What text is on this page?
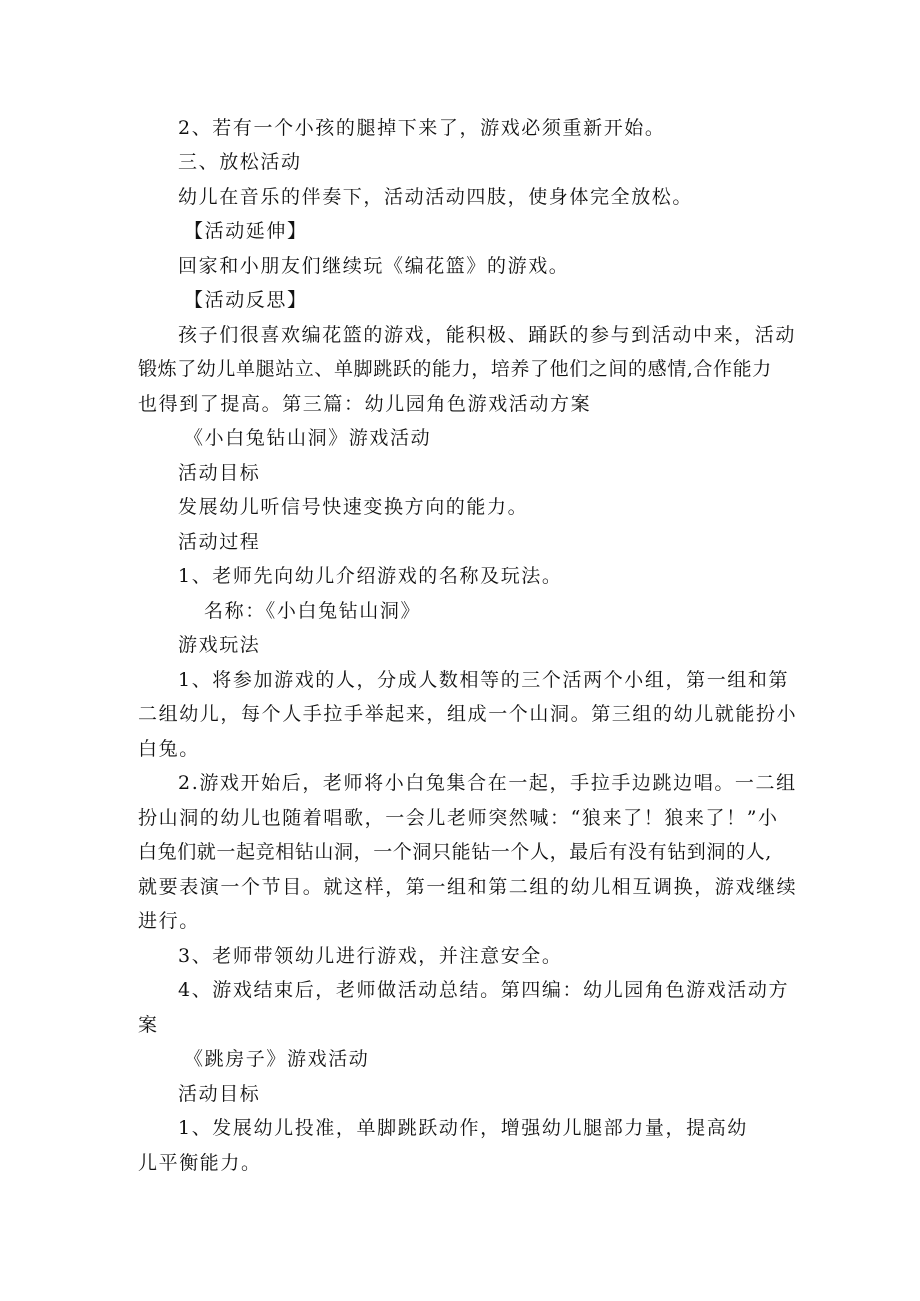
2、若有一个小孩的腿掉下来了，游戏必须重新开始。
三、放松活动
幼儿在音乐的伴奏下，活动活动四肢，使身体完全放松。
【活动延伸】
回家和小朋友们继续玩《编花篮》的游戏。
【活动反思】
孩子们很喜欢编花篮的游戏，能积极、踊跃的参与到活动中来，活动
锻炼了幼儿单腿站立、单脚跳跃的能力，培养了他们之间的感情,合作能力
也得到了提高。第三篇：幼儿园角色游戏活动方案
《小白兔钻山洞》游戏活动
活动目标
发展幼儿听信号快速变换方向的能力。
活动过程
1、老师先向幼儿介绍游戏的名称及玩法。
名称：《小白兔钻山洞》
游戏玩法
1、将参加游戏的人，分成人数相等的三个活两个小组，第一组和第
二组幼儿，每个人手拉手举起来，组成一个山洞。第三组的幼儿就能扮小
白兔。
2.游戏开始后，老师将小白兔集合在一起，手拉手边跳边唱。一二组
扮山洞的幼儿也随着唱歌，一会儿老师突然喊：“狼来了！狼来了！”小
白兔们就一起竞相钻山洞，一个洞只能钻一个人，最后有没有钻到洞的人,
就要表演一个节目。就这样，第一组和第二组的幼儿相互调换，游戏继续
进行。
3、老师带领幼儿进行游戏，并注意安全。
4、游戏结束后，老师做活动总结。第四编：幼儿园角色游戏活动方
案
《跳房子》游戏活动
活动目标
1、发展幼儿投准，单脚跳跃动作，增强幼儿腿部力量，提高幼
儿平衡能力。
